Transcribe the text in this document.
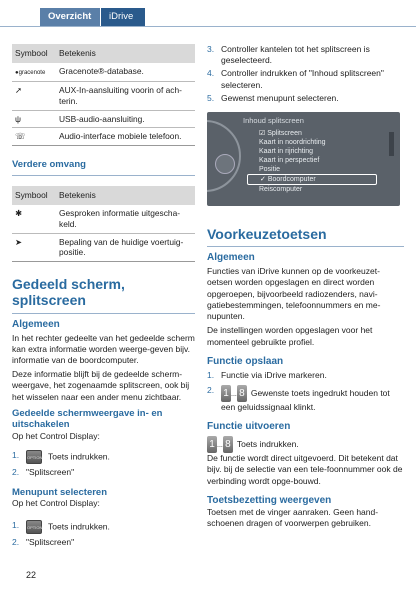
Overzicht	iDrive
Symbool	Betekenis
●gracenote	Gracenote®-database.
➚	AUX-In-aansluiting voorin of ach-terin.
ψ	USB-audio-aansluiting.
☏	Audio-interface mobiele telefoon.
Verdere omvang
Symbool	Betekenis
✱	Gesproken informatie uitgescha-keld.
➤	Bepaling van de huidige voertuig-positie.
Gedeeld scherm, splitscreen
Algemeen

In het rechter gedeelte van het gedeelde scherm kan extra informatie worden weerge-geven bijv. informatie van de boordcomputer.

Deze informatie blijft bij de gedeelde scherm-weergave, het zogenaamde splitscreen, ook bij het wisselen naar een ander menu zichtbaar.

Gedeelde schermweergave in- en uitschakelen

Op het Control Display:

1. OPTION Toets indrukken.
2. "Splitscreen"
Menupunt selecteren

Op het Control Display:

1. OPTION Toets indrukken.
2. "Splitscreen"
3. Controller kantelen tot het splitscreen is geselecteerd.
4. Controller indrukken of "Inhoud splitscreen" selecteren.
5. Gewenst menupunt selecteren.
Inhoud splitscreen
☑ Splitscreen
Kaart in noordrichting
Kaart in rijrichting
Kaart in perspectief
Positie
✓ Boordcomputer
Reiscomputer
Voorkeuzetoetsen
Algemeen

Functies van iDrive kunnen op de voorkeuzet-oetsen worden opgeslagen en direct worden opgeroepen, bijvoorbeeld radiozenders, navi-gatiebestemmingen, telefoonnummers en me-nupunten.

De instellingen worden opgeslagen voor het momenteel gebruikte profiel.

Functie opslaan
1. Functie via iDrive markeren.
2. 1 ... 8 Gewenste toets ingedrukt houden tot een geluidssignaal klinkt.
Functie uitvoeren
1 ... 8 Toets indrukken.

De functie wordt direct uitgevoerd. Dit betekent dat bijv. bij de selectie van een tele-foonnummer ook de verbinding wordt opge-bouwd.

Toetsbezetting weergeven

Toetsen met de vinger aanraken. Geen hand-schoenen dragen of voorwerpen gebruiken.

22
